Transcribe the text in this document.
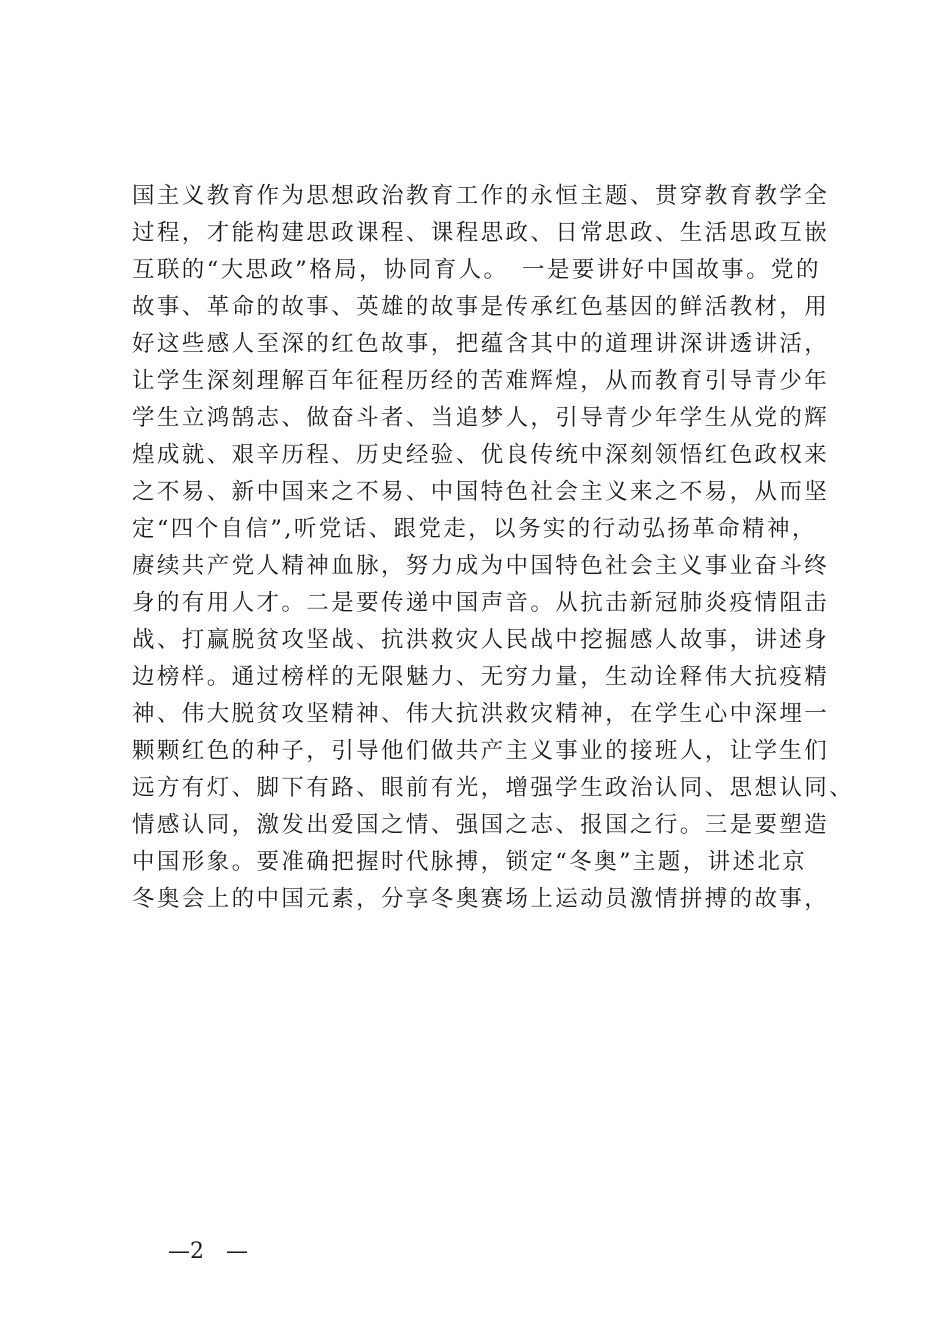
国主义教育作为思想政治教育工作的永恒主题、贯穿教育教学全
过程，才能构建思政课程、课程思政、日常思政、生活思政互嵌
互联的“大思政”格局，协同育人。　一是要讲好中国故事。党的
故事、革命的故事、英雄的故事是传承红色基因的鲜活教材，用
好这些感人至深的红色故事，把蕴含其中的道理讲深讲透讲活，
让学生深刻理解百年征程历经的苦难辉煌，从而教育引导青少年
学生立鸿鹄志、做奋斗者、当追梦人，引导青少年学生从党的辉
煌成就、艰辛历程、历史经验、优良传统中深刻领悟红色政权来
之不易、新中国来之不易、中国特色社会主义来之不易，从而坚
定“四个自信”,听党话、跟党走，以务实的行动弘扬革命精神，
赓续共产党人精神血脉，努力成为中国特色社会主义事业奋斗终
身的有用人才。二是要传递中国声音。从抗击新冠肺炎疫情阻击
战、打赢脱贫攻坚战、抗洪救灾人民战中挖掘感人故事，讲述身
边榜样。通过榜样的无限魅力、无穷力量，生动诠释伟大抗疫精
神、伟大脱贫攻坚精神、伟大抗洪救灾精神，在学生心中深埋一
颗颗红色的种子，引导他们做共产主义事业的接班人，让学生们
远方有灯、脚下有路、眼前有光，增强学生政治认同、思想认同、
情感认同，激发出爱国之情、强国之志、报国之行。三是要塑造
中国形象。要准确把握时代脉搏，锁定“冬奥”主题，讲述北京
冬奥会上的中国元素，分享冬奥赛场上运动员激情拼搏的故事，
—2　—
